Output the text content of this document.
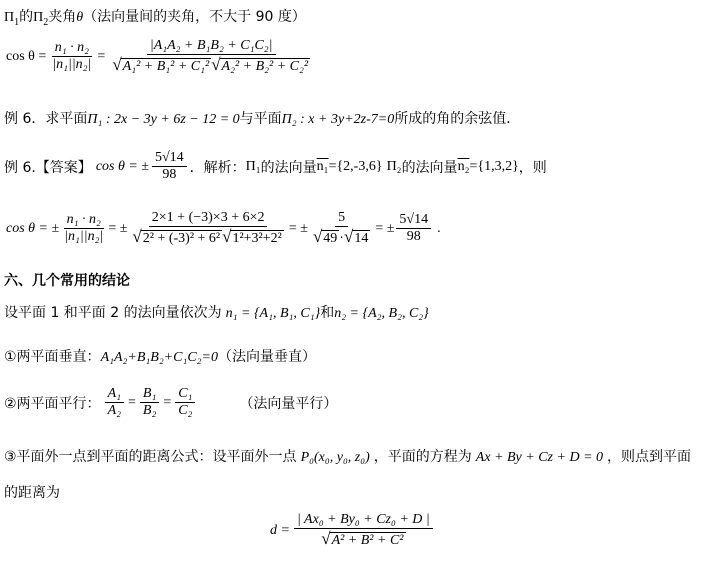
$\Pi_1$的$\Pi_2$夹角θ（法向量间的夹角，不大于 90 度）
$\cos \theta = \frac{\text{n₁ · n₂}}{\text{|n₁||n₂|}} = \frac{\text{|A₁A₂ + B₁B₂ + C₁C₂|}}{\text{√A₁² + B₁² + C₁² √A₂² + B₂² + C₂²}}$
例 6．求平面Π₁ : 2x − 3y + 6z − 12 = 0与平面Π₂ : x + 3y+2z-7=0所成的角的余弦值．
例 6.【答案】 cos θ = ± $\frac{5√14}{98}$ ．解析： Π₁ 的法向量 n₁ ={2,-3,6} Π₂ 的法向量 n₂ ={1,3,2} ，则
cos θ = ± $\frac{\text{n₁ · n₂}}{\text{|n₁||n₂|}}$ = ± $\frac{2\times 1 + (-3)\times 3 + 6\times 2}{\text{√2² + (-3)² + 6² √1²+3²+2²}}$ = ± $\frac{5}{√49 \cdot√14}$ = ± $\frac{5√14}{98}$ .
六、几个常用的结论
设平面 1 和平面 2 的法向量依次为 n₁ = {A₁, B₁, C₁}和n₂ = {A₂, B₂, C₂}
①两平面垂直：A₁A₂+B₁B₂+C₁C₂=0（法向量垂直）
②两平面平行： $\frac{\text{A₁}}{\text{A₂}} = \frac{\text{B₁}}{\text{B₂}} = \frac{\text{C₁}}{\text{C₂}}$	（法向量平行）
③平面外一点到平面的距离公式：设平面外一点 P₀(x₀, y₀, z₀) ，平面的方程为 Ax + By + Cz + D = 0 ，则点到平面
的距离为
$d = \frac{\text{| Ax₀ + By₀ + Cz₀ + D |}}{\text{√A² + B² + C²}}$
